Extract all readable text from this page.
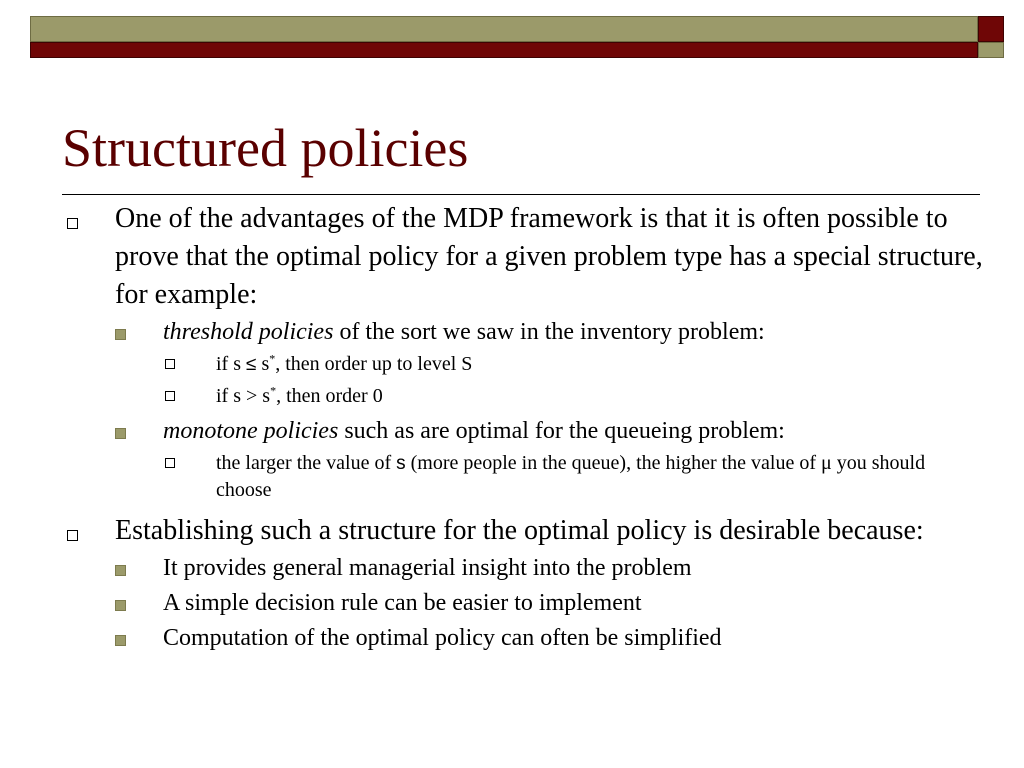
Structured policies
One of the advantages of the MDP framework is that it is often possible to prove that the optimal policy for a given problem type has a special structure, for example:
threshold policies of the sort we saw in the inventory problem:
if s ≤ s*, then order up to level S
if s > s*, then order 0
monotone policies such as are optimal for the queueing problem:
the larger the value of s (more people in the queue), the higher the value of μ you should choose
Establishing such a structure for the optimal policy is desirable because:
It provides general managerial insight into the problem
A simple decision rule can be easier to implement
Computation of the optimal policy can often be simplified
